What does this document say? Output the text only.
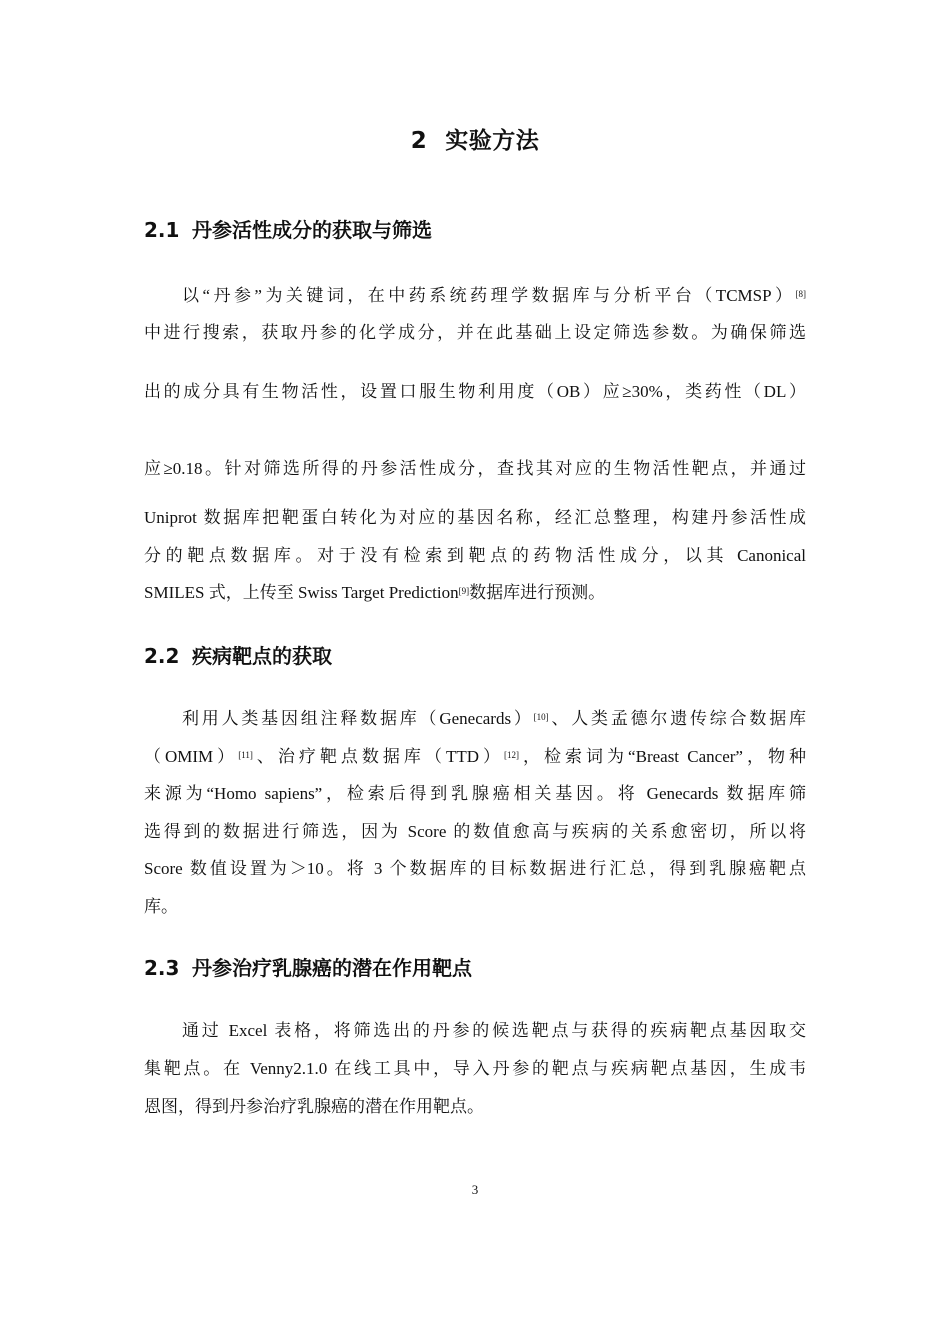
2 实验方法
2.1 丹参活性成分的获取与筛选
以“丹参”为关键词，在中药系统药理学数据库与分析平台（TCMSP）[8]
中进行搜索，获取丹参的化学成分，并在此基础上设定筛选参数。为确保筛选
出的成分具有生物活性，设置口服生物利用度（OB）应≥30%，类药性（DL）
应≥0.18。针对筛选所得的丹参活性成分，查找其对应的生物活性靶点，并通过
Uniprot 数据库把靶蛋白转化为对应的基因名称，经汇总整理，构建丹参活性成
分的靶点数据库。对于没有检索到靶点的药物活性成分，以其 Canonical
SMILES 式，上传至 Swiss Target Prediction[9]数据库进行预测。
2.2 疾病靶点的获取
利用人类基因组注释数据库（Genecards）[10]、人类孟德尔遗传综合数据库
（OMIM）[11]、治疗靶点数据库（TTD）[12]，检索词为“Breast Cancer”，物种
来源为“Homo sapiens”，检索后得到乳腺癌相关基因。将 Genecards 数据库筛
选得到的数据进行筛选，因为 Score 的数值愈高与疾病的关系愈密切，所以将
Score 数值设置为＞10。将 3 个数据库的目标数据进行汇总，得到乳腺癌靶点
库。
2.3 丹参治疗乳腺癌的潜在作用靶点
通过 Excel 表格，将筛选出的丹参的候选靶点与获得的疾病靶点基因取交
集靶点。在 Venny2.1.0 在线工具中，导入丹参的靶点与疾病靶点基因，生成韦
恩图，得到丹参治疗乳腺癌的潜在作用靶点。
3
